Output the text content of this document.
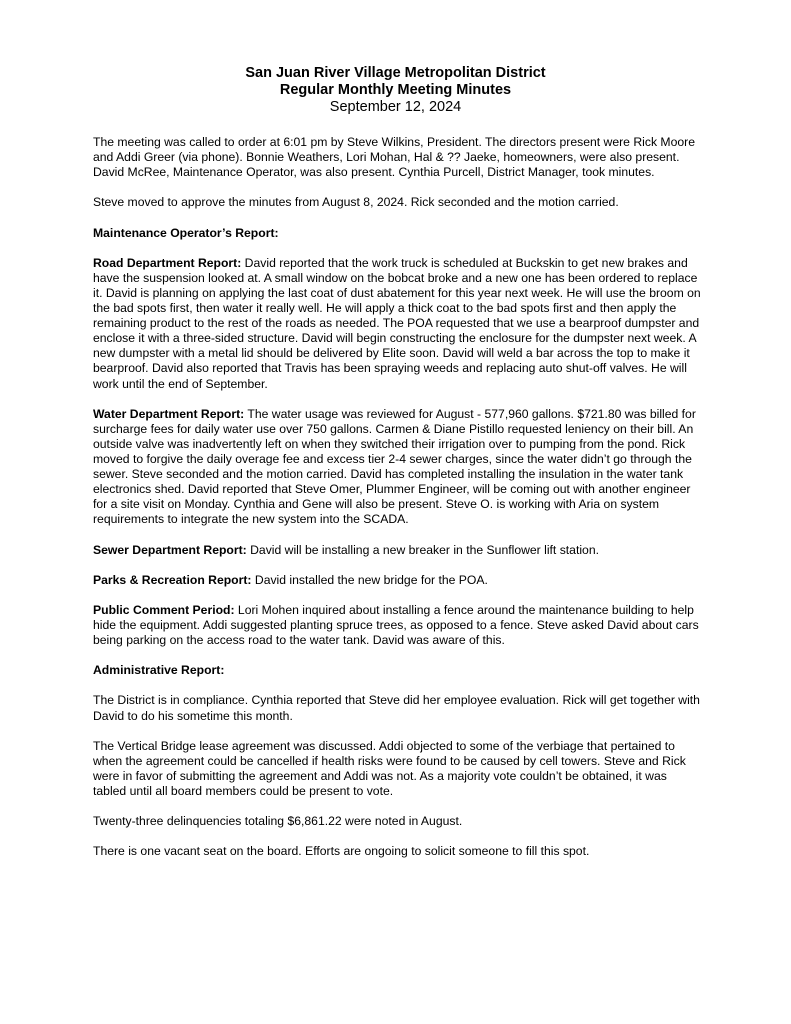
San Juan River Village Metropolitan District
Regular Monthly Meeting Minutes
September 12, 2024

The meeting was called to order at 6:01 pm by Steve Wilkins, President. The directors present were Rick Moore and Addi Greer (via phone). Bonnie Weathers, Lori Mohan, Hal & ?? Jaeke, homeowners, were also present. David McRee, Maintenance Operator, was also present. Cynthia Purcell, District Manager, took minutes.

Steve moved to approve the minutes from August 8, 2024. Rick seconded and the motion carried.

Maintenance Operator’s Report:

Road Department Report: David reported that the work truck is scheduled at Buckskin to get new brakes and have the suspension looked at. A small window on the bobcat broke and a new one has been ordered to replace it. David is planning on applying the last coat of dust abatement for this year next week. He will use the broom on the bad spots first, then water it really well. He will apply a thick coat to the bad spots first and then apply the remaining product to the rest of the roads as needed. The POA requested that we use a bearproof dumpster and enclose it with a three-sided structure. David will begin constructing the enclosure for the dumpster next week. A new dumpster with a metal lid should be delivered by Elite soon. David will weld a bar across the top to make it bearproof. David also reported that Travis has been spraying weeds and replacing auto shut-off valves. He will work until the end of September.

Water Department Report: The water usage was reviewed for August - 577,960 gallons. $721.80 was billed for surcharge fees for daily water use over 750 gallons. Carmen & Diane Pistillo requested leniency on their bill. An outside valve was inadvertently left on when they switched their irrigation over to pumping from the pond. Rick moved to forgive the daily overage fee and excess tier 2-4 sewer charges, since the water didn’t go through the sewer. Steve seconded and the motion carried. David has completed installing the insulation in the water tank electronics shed. David reported that Steve Omer, Plummer Engineer, will be coming out with another engineer for a site visit on Monday. Cynthia and Gene will also be present. Steve O. is working with Aria on system requirements to integrate the new system into the SCADA.

Sewer Department Report: David will be installing a new breaker in the Sunflower lift station.

Parks & Recreation Report: David installed the new bridge for the POA.

Public Comment Period: Lori Mohen inquired about installing a fence around the maintenance building to help hide the equipment. Addi suggested planting spruce trees, as opposed to a fence. Steve asked David about cars being parking on the access road to the water tank. David was aware of this.

Administrative Report:

The District is in compliance. Cynthia reported that Steve did her employee evaluation. Rick will get together with David to do his sometime this month.

The Vertical Bridge lease agreement was discussed. Addi objected to some of the verbiage that pertained to when the agreement could be cancelled if health risks were found to be caused by cell towers. Steve and Rick were in favor of submitting the agreement and Addi was not. As a majority vote couldn’t be obtained, it was tabled until all board members could be present to vote.

Twenty-three delinquencies totaling $6,861.22 were noted in August.

There is one vacant seat on the board. Efforts are ongoing to solicit someone to fill this spot.
